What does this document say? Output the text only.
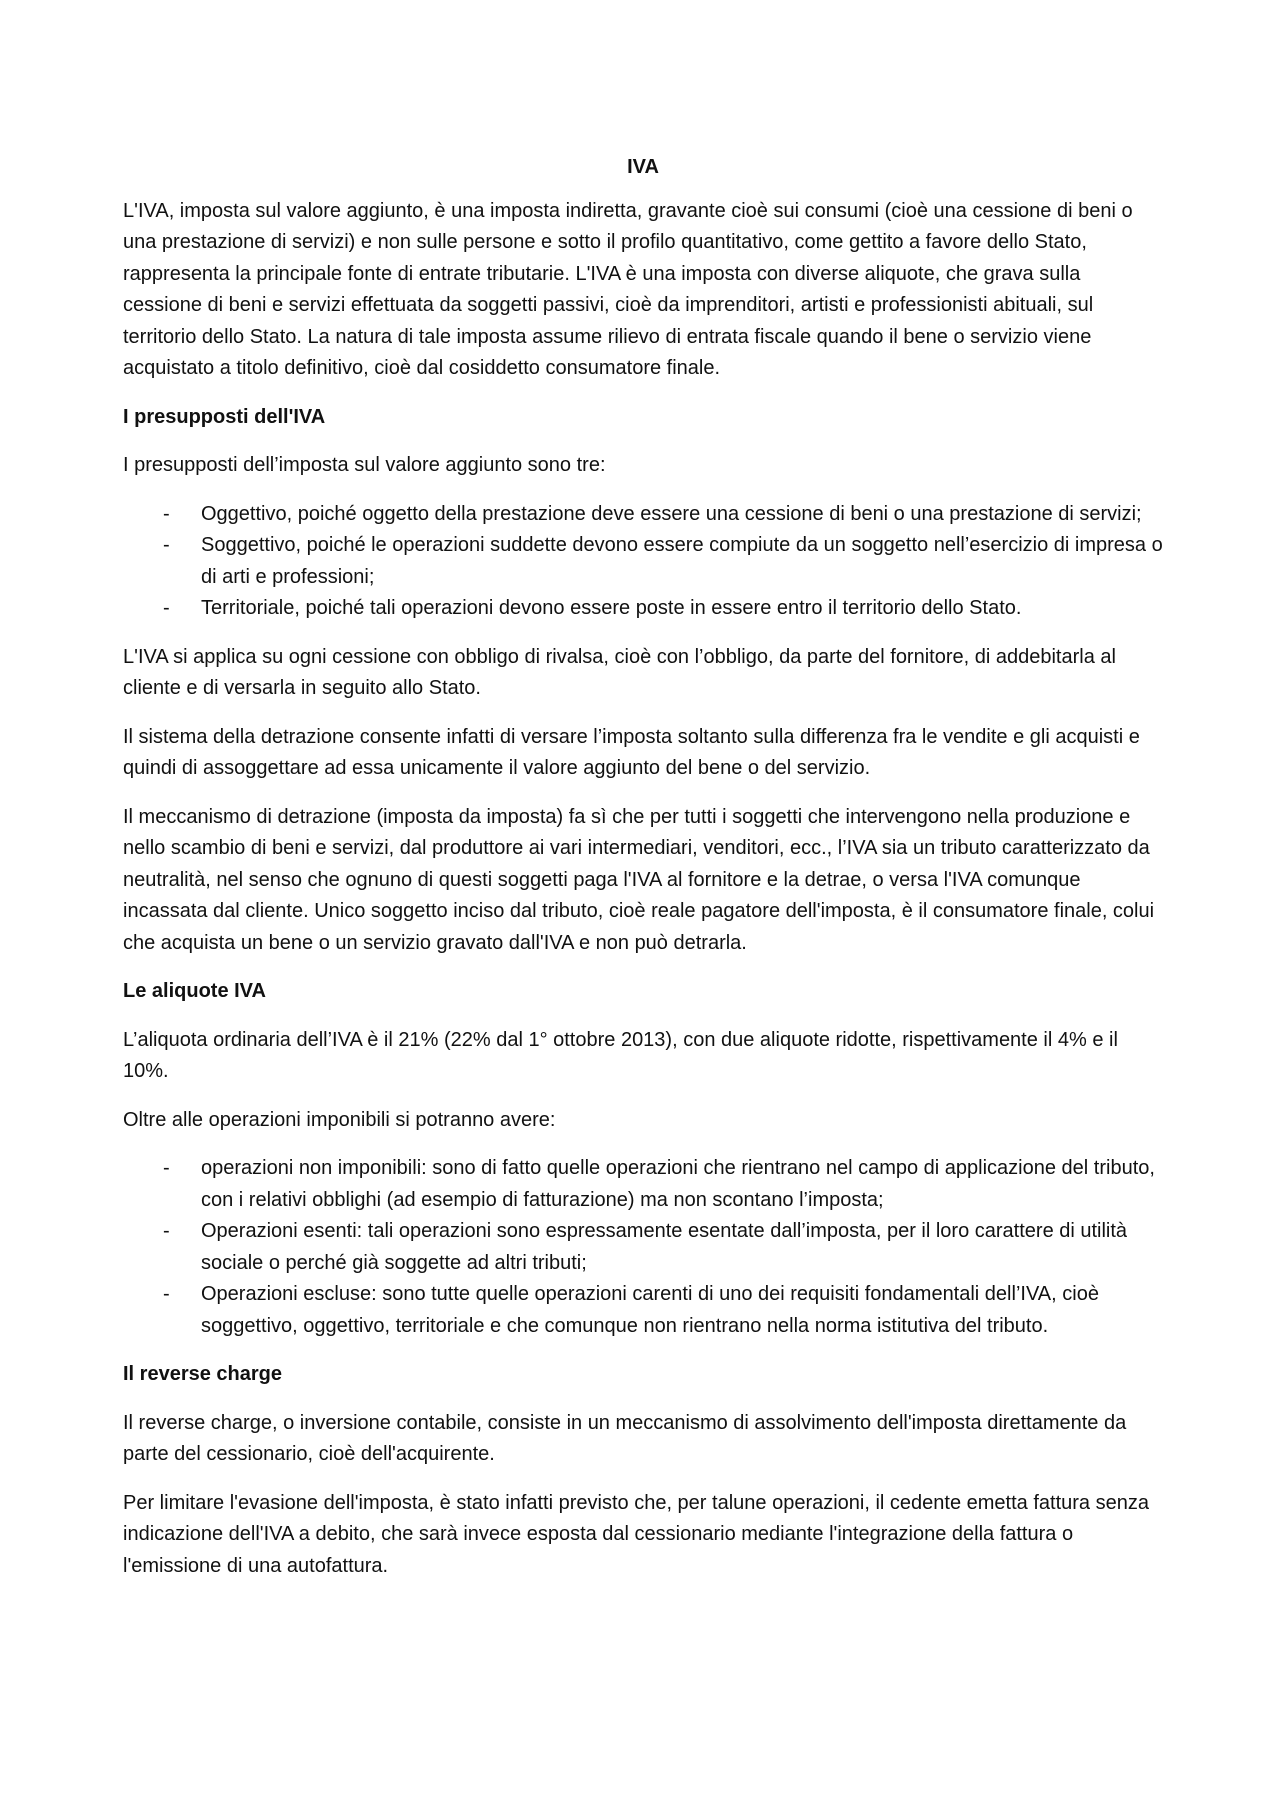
IVA

L'IVA, imposta sul valore aggiunto, è una imposta indiretta, gravante cioè sui consumi (cioè una cessione di beni o una prestazione di servizi) e non sulle persone e sotto il profilo quantitativo, come gettito a favore dello Stato, rappresenta la principale fonte di entrate tributarie. L'IVA è una imposta con diverse aliquote, che grava sulla cessione di beni e servizi effettuata da soggetti passivi, cioè da imprenditori, artisti e professionisti abituali, sul territorio dello Stato. La natura di tale imposta assume rilievo di entrata fiscale quando il bene o servizio viene acquistato a titolo definitivo, cioè dal cosiddetto consumatore finale.

I presupposti dell'IVA

I presupposti dell’imposta sul valore aggiunto sono tre:

- Oggettivo, poiché oggetto della prestazione deve essere una cessione di beni o una prestazione di servizi;
- Soggettivo, poiché le operazioni suddette devono essere compiute da un soggetto nell’esercizio di impresa o di arti e professioni;
- Territoriale, poiché tali operazioni devono essere poste in essere entro il territorio dello Stato.

L'IVA si applica su ogni cessione con obbligo di rivalsa, cioè con l’obbligo, da parte del fornitore, di addebitarla al cliente e di versarla in seguito allo Stato.

Il sistema della detrazione consente infatti di versare l’imposta soltanto sulla differenza fra le vendite e gli acquisti e quindi di assoggettare ad essa unicamente il valore aggiunto del bene o del servizio.

Il meccanismo di detrazione (imposta da imposta) fa sì che per tutti i soggetti che intervengono nella produzione e nello scambio di beni e servizi, dal produttore ai vari intermediari, venditori, ecc., l’IVA sia un tributo caratterizzato da neutralità, nel senso che ognuno di questi soggetti paga l'IVA al fornitore e la detrae, o versa l'IVA comunque incassata dal cliente. Unico soggetto inciso dal tributo, cioè reale pagatore dell'imposta, è il consumatore finale, colui che acquista un bene o un servizio gravato dall'IVA e non può detrarla.

Le aliquote IVA

L’aliquota ordinaria dell’IVA è il 21% (22% dal 1° ottobre 2013), con due aliquote ridotte, rispettivamente il 4% e il 10%.

Oltre alle operazioni imponibili si potranno avere:

- operazioni non imponibili: sono di fatto quelle operazioni che rientrano nel campo di applicazione del tributo, con i relativi obblighi (ad esempio di fatturazione) ma non scontano l’imposta;
- Operazioni esenti: tali operazioni sono espressamente esentate dall’imposta, per il loro carattere di utilità sociale o perché già soggette ad altri tributi;
- Operazioni escluse: sono tutte quelle operazioni carenti di uno dei requisiti fondamentali dell’IVA, cioè soggettivo, oggettivo, territoriale e che comunque non rientrano nella norma istitutiva del tributo.
Il reverse charge

Il reverse charge, o inversione contabile, consiste in un meccanismo di assolvimento dell'imposta direttamente da parte del cessionario, cioè dell'acquirente.

Per limitare l'evasione dell'imposta, è stato infatti previsto che, per talune operazioni, il cedente emetta fattura senza indicazione dell'IVA a debito, che sarà invece esposta dal cessionario mediante l'integrazione della fattura o l'emissione di una autofattura.
